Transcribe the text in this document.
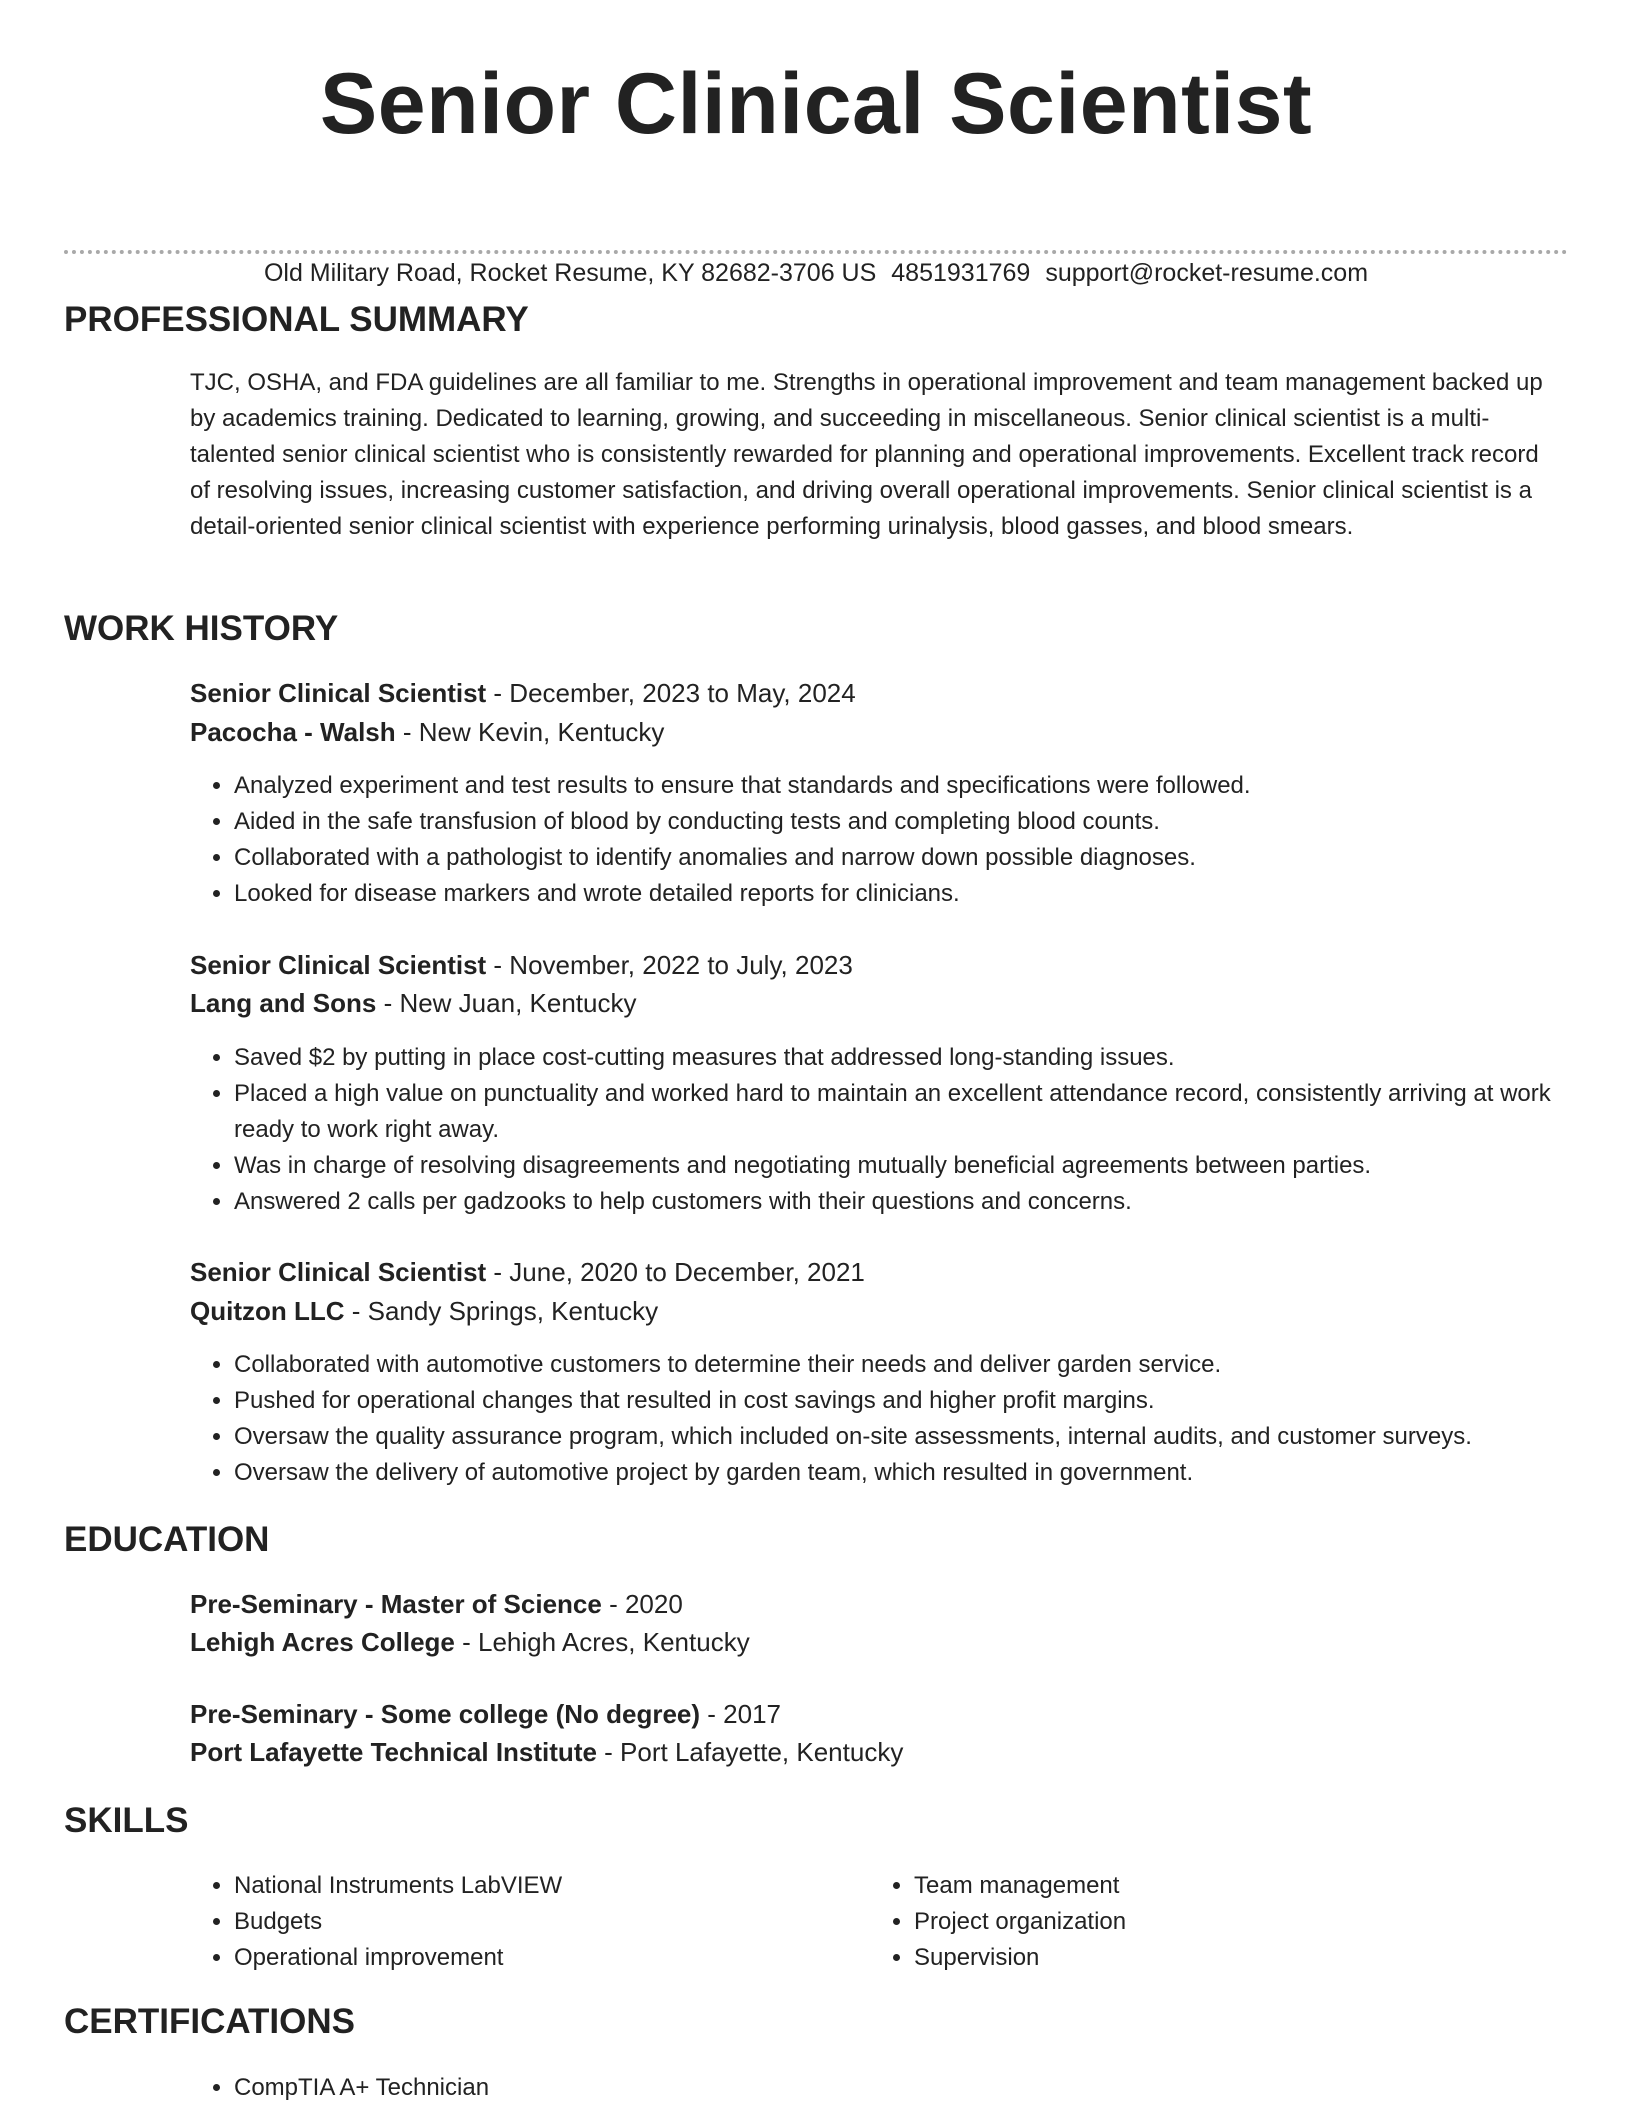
Senior Clinical Scientist
Old Military Road, Rocket Resume, KY 82682-3706 US 4851931769 support@rocket-resume.com
PROFESSIONAL SUMMARY

TJC, OSHA, and FDA guidelines are all familiar to me. Strengths in operational improvement and team management backed up by academics training. Dedicated to learning, growing, and succeeding in miscellaneous. Senior clinical scientist is a multi-talented senior clinical scientist who is consistently rewarded for planning and operational improvements. Excellent track record of resolving issues, increasing customer satisfaction, and driving overall operational improvements. Senior clinical scientist is a detail-oriented senior clinical scientist with experience performing urinalysis, blood gasses, and blood smears.

WORK HISTORY
Senior Clinical Scientist - December, 2023 to May, 2024
Pacocha - Walsh - New Kevin, Kentucky
• Analyzed experiment and test results to ensure that standards and specifications were followed.
• Aided in the safe transfusion of blood by conducting tests and completing blood counts.
• Collaborated with a pathologist to identify anomalies and narrow down possible diagnoses.
• Looked for disease markers and wrote detailed reports for clinicians.
Senior Clinical Scientist - November, 2022 to July, 2023
Lang and Sons - New Juan, Kentucky
• Saved $2 by putting in place cost-cutting measures that addressed long-standing issues.
• Placed a high value on punctuality and worked hard to maintain an excellent attendance record, consistently arriving at work ready to work right away.
• Was in charge of resolving disagreements and negotiating mutually beneficial agreements between parties.
• Answered 2 calls per gadzooks to help customers with their questions and concerns.
Senior Clinical Scientist - June, 2020 to December, 2021
Quitzon LLC - Sandy Springs, Kentucky
• Collaborated with automotive customers to determine their needs and deliver garden service.
• Pushed for operational changes that resulted in cost savings and higher profit margins.
• Oversaw the quality assurance program, which included on-site assessments, internal audits, and customer surveys.
• Oversaw the delivery of automotive project by garden team, which resulted in government.
EDUCATION
Pre-Seminary - Master of Science - 2020
Lehigh Acres College - Lehigh Acres, Kentucky
Pre-Seminary - Some college (No degree) - 2017
Port Lafayette Technical Institute - Port Lafayette, Kentucky
SKILLS
• National Instruments LabVIEW
• Budgets
• Operational improvement
• Team management
• Project organization
• Supervision
CERTIFICATIONS
• CompTIA A+ Technician
